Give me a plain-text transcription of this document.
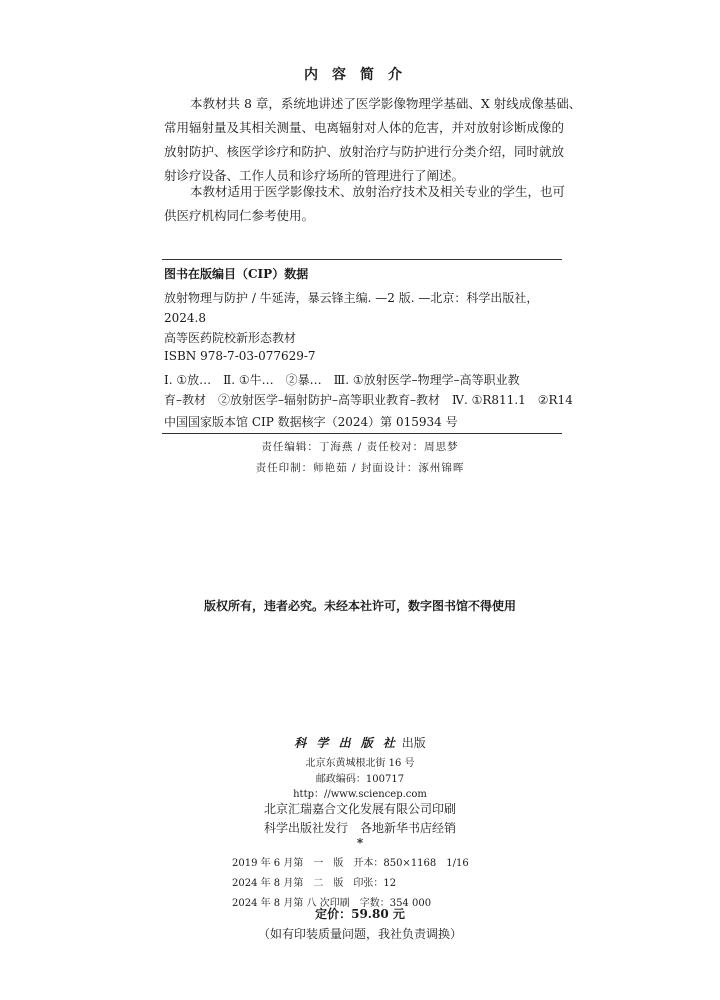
内容简介
本教材共 8 章，系统地讲述了医学影像物理学基础、X 射线成像基础、
常用辐射量及其相关测量、电离辐射对人体的危害，并对放射诊断成像的
放射防护、核医学诊疗和防护、放射治疗与防护进行分类介绍，同时就放
射诊疗设备、工作人员和诊疗场所的管理进行了阐述。
本教材适用于医学影像技术、放射治疗技术及相关专业的学生，也可
供医疗机构同仁参考使用。
图书在版编目（CIP）数据
放射物理与防护 / 牛延涛，暴云锋主编. —2 版. —北京：科学出版社，
2024.8
高等医药院校新形态教材
ISBN 978-7-03-077629-7
Ⅰ. ①放…　Ⅱ. ①牛…　②暴…　Ⅲ. ①放射医学–物理学–高等职业教
育–教材　②放射医学–辐射防护–高等职业教育–教材　Ⅳ. ①R811.1　②R14
中国国家版本馆 CIP 数据核字（2024）第 015934 号
责任编辑：丁海燕 / 责任校对：周思梦
责任印制：师艳茹 / 封面设计：涿州锦晖
版权所有，违者必究。未经本社许可，数字图书馆不得使用
科 学 出 版 社 出版
北京东黄城根北街 16 号
邮政编码：100717
http：//www.sciencep.com
北京汇瑞嘉合文化发展有限公司印刷
科学出版社发行　各地新华书店经销
*
2019 年 6 月第　一　版　开本：850×1168　1/16
2024 年 8 月第　二　版　印张：12
2024 年 8 月第 八 次印刷　字数：354 000
定价：59.80 元
（如有印装质量问题，我社负责调换）
